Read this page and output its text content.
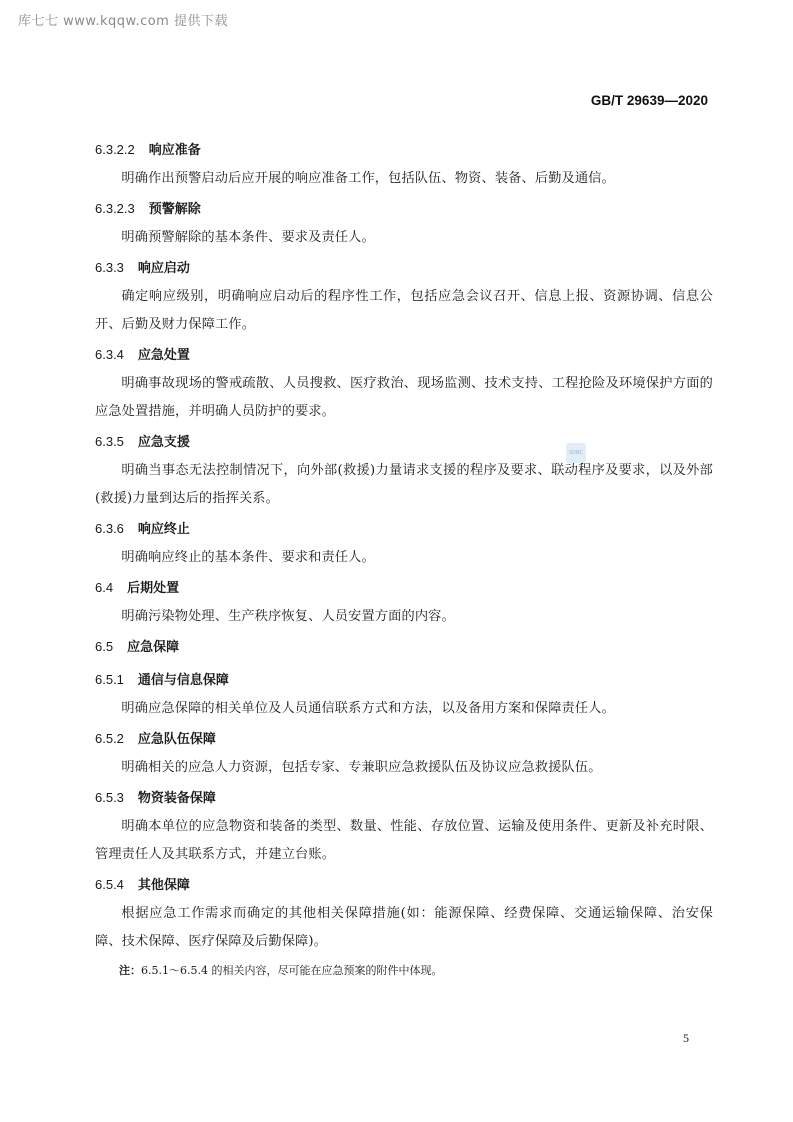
库七七 www.kqqw.com 提供下载
GB/T 29639—2020
SDNC

6.3.2.2 响应准备

明确作出预警启动后应开展的响应准备工作，包括队伍、物资、装备、后勤及通信。

6.3.2.3 预警解除

明确预警解除的基本条件、要求及责任人。

6.3.3 响应启动

确定响应级别，明确响应启动后的程序性工作，包括应急会议召开、信息上报、资源协调、信息公开、后勤及财力保障工作。

6.3.4 应急处置

明确事故现场的警戒疏散、人员搜救、医疗救治、现场监测、技术支持、工程抢险及环境保护方面的应急处置措施，并明确人员防护的要求。

6.3.5 应急支援

明确当事态无法控制情况下，向外部(救援)力量请求支援的程序及要求、联动程序及要求，以及外部(救援)力量到达后的指挥关系。

6.3.6 响应终止

明确响应终止的基本条件、要求和责任人。

6.4 后期处置

明确污染物处理、生产秩序恢复、人员安置方面的内容。

6.5 应急保障

6.5.1 通信与信息保障

明确应急保障的相关单位及人员通信联系方式和方法，以及备用方案和保障责任人。

6.5.2 应急队伍保障

明确相关的应急人力资源，包括专家、专兼职应急救援队伍及协议应急救援队伍。

6.5.3 物资装备保障

明确本单位的应急物资和装备的类型、数量、性能、存放位置、运输及使用条件、更新及补充时限、管理责任人及其联系方式，并建立台账。

6.5.4 其他保障

根据应急工作需求而确定的其他相关保障措施(如：能源保障、经费保障、交通运输保障、治安保障、技术保障、医疗保障及后勤保障)。

注：6.5.1～6.5.4 的相关内容，尽可能在应急预案的附件中体现。

5
